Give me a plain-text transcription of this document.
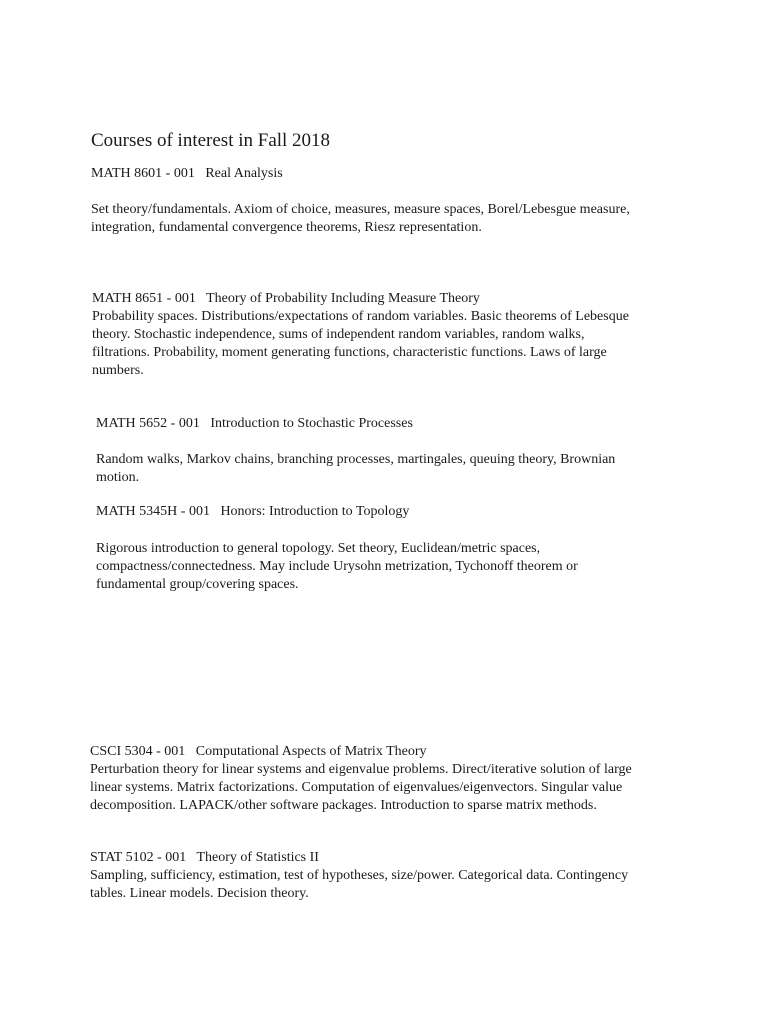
Courses of interest in Fall 2018
MATH 8601 - 001   Real Analysis
Set theory/fundamentals. Axiom of choice, measures, measure spaces, Borel/Lebesgue measure,
integration, fundamental convergence theorems, Riesz representation.
MATH 8651 - 001   Theory of Probability Including Measure Theory
Probability spaces. Distributions/expectations of random variables. Basic theorems of Lebesque
theory. Stochastic independence, sums of independent random variables, random walks,
filtrations. Probability, moment generating functions, characteristic functions. Laws of large
numbers.
MATH 5652 - 001   Introduction to Stochastic Processes
Random walks, Markov chains, branching processes, martingales, queuing theory, Brownian
motion.
MATH 5345H - 001   Honors: Introduction to Topology
Rigorous introduction to general topology. Set theory, Euclidean/metric spaces,
compactness/connectedness. May include Urysohn metrization, Tychonoff theorem or
fundamental group/covering spaces.
CSCI 5304 - 001   Computational Aspects of Matrix Theory
Perturbation theory for linear systems and eigenvalue problems. Direct/iterative solution of large
linear systems. Matrix factorizations. Computation of eigenvalues/eigenvectors. Singular value
decomposition. LAPACK/other software packages. Introduction to sparse matrix methods.
STAT 5102 - 001   Theory of Statistics II
Sampling, sufficiency, estimation, test of hypotheses, size/power. Categorical data. Contingency
tables. Linear models. Decision theory.
